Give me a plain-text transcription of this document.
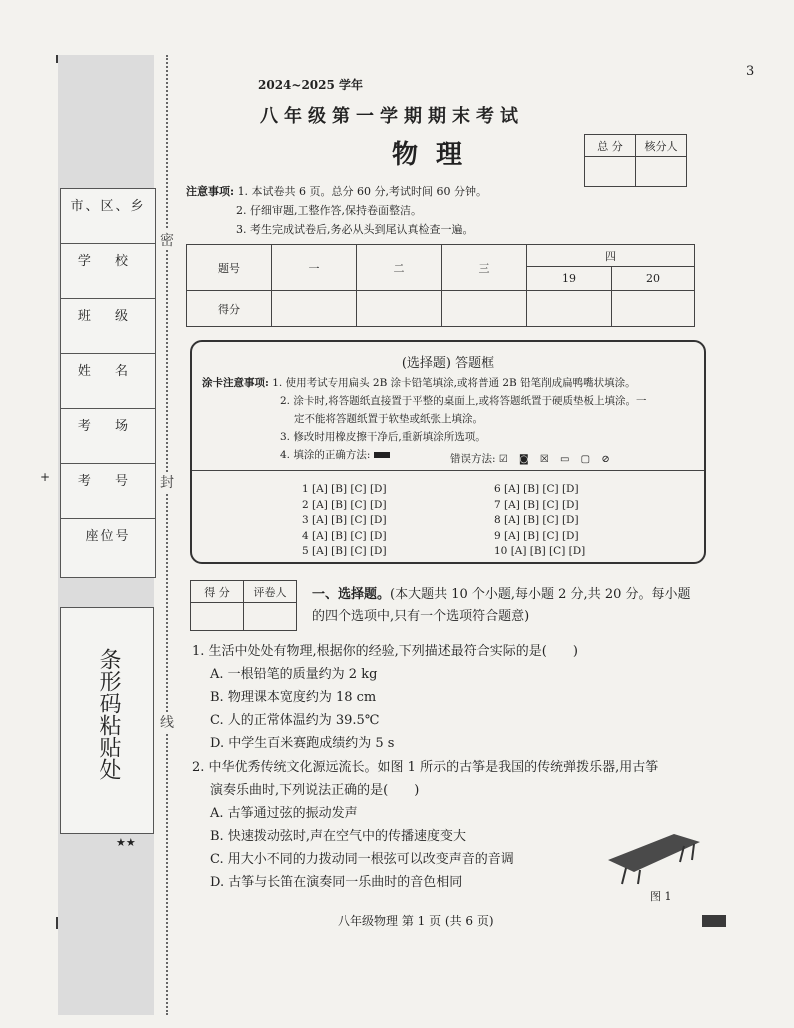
市、区、乡
学 校
班 级
姓 名
考 场
考 号
座位号
条形码粘贴处
★★
+
密
封
线
3
2024~2025 学年
八年级第一学期期末考试
物理	总 分	核分人

注意事项: 1. 本试卷共 6 页。总分 60 分,考试时间 60 分钟。
2. 仔细审题,工整作答,保持卷面整洁。
3. 考生完成试卷后,务必从头到尾认真检查一遍。
题号	一	二	三	四	
				19	20
得分					
(选择题) 答题框
涂卡注意事项: 1. 使用考试专用扁头 2B 涂卡铅笔填涂,或将普通 2B 铅笔削成扁鸭嘴状填涂。
2. 涂卡时,将答题纸直接置于平整的桌面上,或将答题纸置于硬质垫板上填涂。一
定不能将答题纸置于软垫或纸张上填涂。
3. 修改时用橡皮擦干净后,重新填涂所选项。
4. 填涂的正确方法:	错误方法: ☑ ◙ ☒ ▭ ▢ ⊘
1 [A] [B] [C] [D]
2 [A] [B] [C] [D]
3 [A] [B] [C] [D]
4 [A] [B] [C] [D]
5 [A] [B] [C] [D]
6 [A] [B] [C] [D]
7 [A] [B] [C] [D]
8 [A] [B] [C] [D]
9 [A] [B] [C] [D]
10 [A] [B] [C] [D]
得 分	评卷人
	一、选择题。(本大题共 10 个小题,每小题 2 分,共 20 分。每小题的四个选项中,只有一个选项符合题意)
1. 生活中处处有物理,根据你的经验,下列描述最符合实际的是(　　)
A. 一根铅笔的质量约为 2 kg
B. 物理课本宽度约为 18 cm
C. 人的正常体温约为 39.5℃
D. 中学生百米赛跑成绩约为 5 s
2. 中华优秀传统文化源远流长。如图 1 所示的古筝是我国的传统弹拨乐器,用古筝
演奏乐曲时,下列说法正确的是(　　)
A. 古筝通过弦的振动发声
B. 快速拨动弦时,声在空气中的传播速度变大
C. 用大小不同的力拨动同一根弦可以改变声音的音调
D. 古筝与长笛在演奏同一乐曲时的音色相同
图 1
八年级物理 第 1 页 (共 6 页)
